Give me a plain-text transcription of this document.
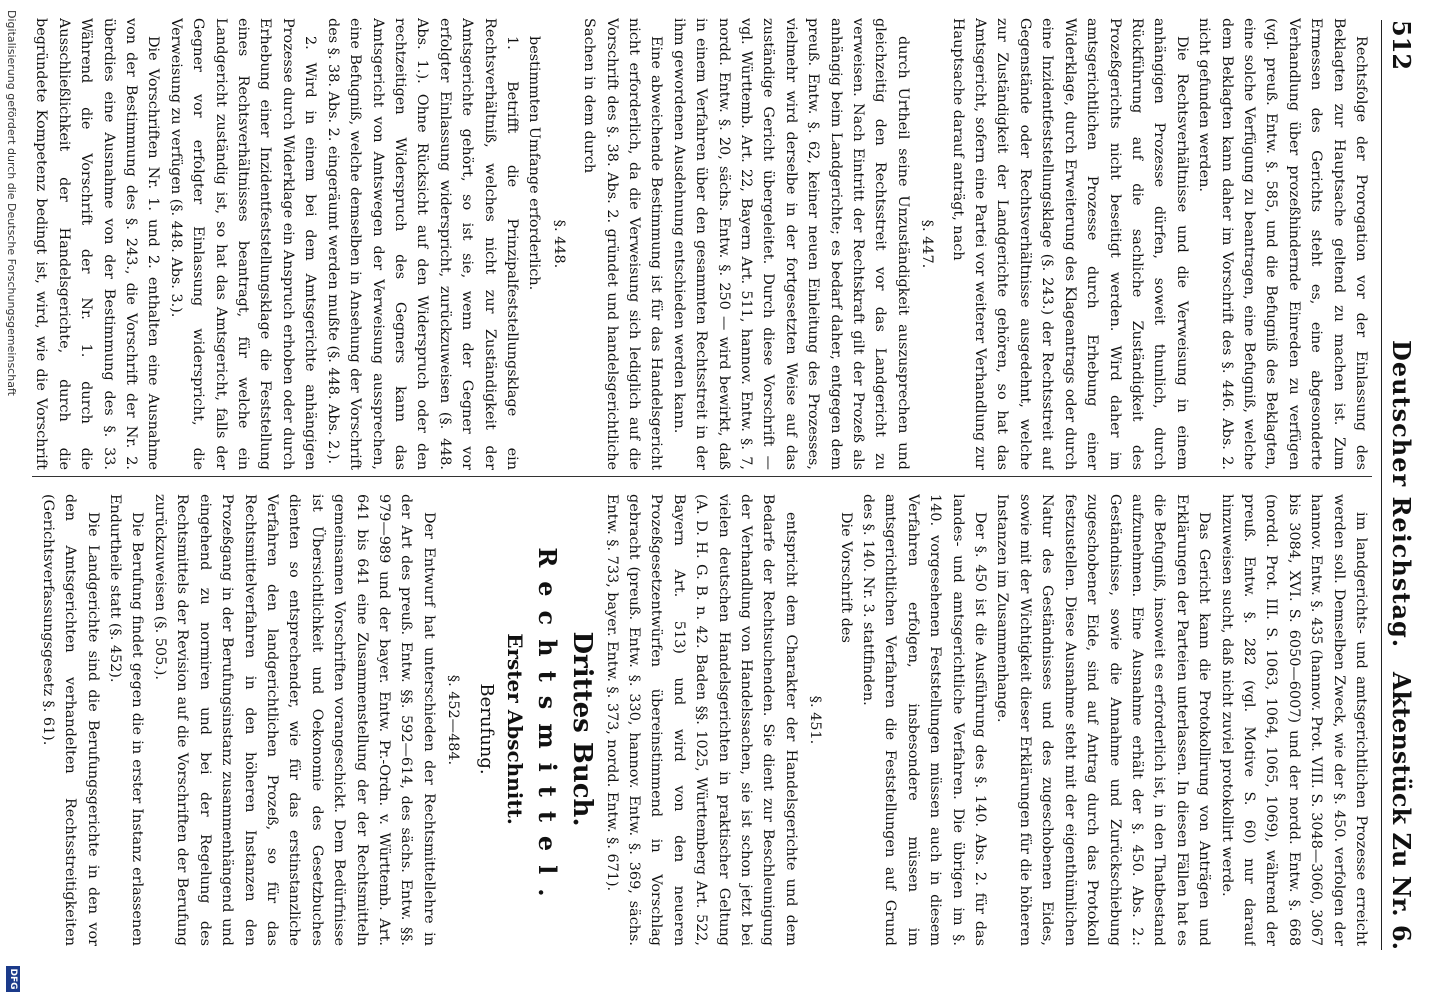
512
Deutscher Reichstag.
Aktenstück Zu Nr. 6.

Rechtsfolge der Prorogation vor der Einlassung des Beklagten zur Hauptsache geltend zu machen ist. Zum Ermessen des Gerichts steht es, eine abgesonderte Verhandlung über prozeßhindernde Einreden zu verfügen (vgl. preuß. Entw. §. 585, und die Befugniß des Beklagten, eine solche Verfügung zu beantragen, eine Befugniß, welche dem Beklagten kann daher im Vorschrift des §. 446. Abs. 2. nicht gefunden werden.

Die Rechtsverhältnisse und die Verweisung in einem anhängigen Prozesse dürfen, soweit thunlich, durch Rückführung auf die sachliche Zuständigkeit des Prozeßgerichts nicht beseitigt werden. Wird daher im amtsgerichtlichen Prozesse durch Erhebung einer Widerklage, durch Erweiterung des Klageantrags oder durch eine Inzidentfeststellungsklage (§. 243.) der Rechtsstreit auf Gegenstände oder Rechtsverhältnisse ausgedehnt, welche zur Zuständigkeit der Landgerichte gehören, so hat das Amtsgericht, sofern eine Partei vor weiterer Verhandlung zur Hauptsache darauf anträgt, nach

§. 447.

durch Urtheil seine Unzuständigkeit auszusprechen und gleichzeitig den Rechtsstreit vor das Landgericht zu verweisen. Nach Eintritt der Rechtskraft gilt der Prozeß als anhängig beim Landgerichte; es bedarf daher, entgegen dem preuß. Entw. §. 62, keiner neuen Einleitung des Prozesses, vielmehr wird derselbe in der fortgesetzten Weise auf das zuständige Gericht übergeleitet. Durch diese Vorschrift — vgl. Württemb. Art. 22, Bayern Art. 511, hannov. Entw. §. 7, nordd. Entw. §. 20, sächs. Entw. §. 250 — wird bewirkt, daß in einem Verfahren über den gesammten Rechtsstreit in der ihm gewordenen Ausdehnung entschieden werden kann.

Eine abweichende Bestimmung ist für das Handelsgericht nicht erforderlich, da die Verweisung sich lediglich auf die Vorschrift des §. 38. Abs. 2. gründet und handelsgerichtliche Sachen in dem durch

§. 448.

bestimmten Umfange erforderlich.

1. Betrifft die Prinzipalfeststellungsklage ein Rechtsverhältniß, welches nicht zur Zuständigkeit der Amtsgerichte gehört, so ist sie, wenn der Gegner vor erfolgter Einlassung widerspricht, zurückzuweisen (§. 448. Abs. 1.). Ohne Rücksicht auf den Widerspruch oder den rechtzeitigen Widerspruch des Gegners kann das Amtsgericht von Amtswegen der Verweisung aussprechen, eine Befugniß, welche demselben in Ansehung der Vorschrift des §. 38. Abs. 2. eingeräumt werden mußte (§. 448. Abs. 2.).

2. Wird in einem bei dem Amtsgerichte anhängigen Prozesse durch Widerklage ein Anspruch erhoben oder durch Erhebung einer Inzidentfeststellungsklage die Feststellung eines Rechtsverhältnisses beantragt, für welche ein Landgericht zuständig ist, so hat das Amtsgericht, falls der Gegner vor erfolgter Einlassung widerspricht, die Verweisung zu verfügen (§. 448. Abs. 3.).

Die Vorschriften Nr. 1. und 2. enthalten eine Ausnahme von der Bestimmung des §. 243., die Vorschrift der Nr. 2. überdies eine Ausnahme von der Bestimmung des §. 33. Während die Vorschrift der Nr. 1. durch die Ausschließlichkeit der Handelsgerichte, durch die begründete Kompetenz bedingt ist, wird, wie die Vorschrift

im landgerichts- und amtsgerichtlichen Prozesse erreicht werden soll. Demselben Zweck, wie der §. 450. verfolgen der hannov. Entw. §. 435 (hannov. Prot. VIII. S. 3048—3060, 3067 bis 3084, XVI. S. 6050—6007) und der nordd. Entw. §. 668 (nordd. Prot. III. S. 1063, 1064, 1065, 1069), während der preuß. Entw. §. 282 (vgl. Motive S. 60) nur darauf hinzuweisen sucht, daß nicht zuviel protokollirt werde.

Das Gericht kann die Protokollirung von Anträgen und Erklärungen der Parteien unterlassen. In diesen Fällen hat es die Befugniß, insoweit es erforderlich ist, in den Thatbestand aufzunehmen. Eine Ausnahme erhält der §. 450. Abs. 2.: Geständnisse, sowie die Annahme und Zurückschiebung zugeschobener Eide, sind auf Antrag durch das Protokoll festzustellen. Diese Ausnahme steht mit der eigenthümlichen Natur des Geständnisses und des zugeschobenen Eides, sowie mit der Wichtigkeit dieser Erklärungen für die höheren Instanzen im Zusammenhange.

Der §. 450 ist die Ausführung des §. 140. Abs. 2. für das landes- und amtsgerichtliche Verfahren. Die übrigen im §. 140. vorgesehenen Feststellungen müssen auch in diesem Verfahren erfolgen, insbesondere müssen im amtsgerichtlichen Verfahren die Feststellungen auf Grund des §. 140. Nr. 3. stattfinden.

Die Vorschrift des

§. 451.

entspricht dem Charakter der Handelsgerichte und dem Bedarfe der Rechtsuchenden. Sie dient zur Beschleunigung der Verhandlung von Handelssachen, sie ist schon jetzt bei vielen deutschen Handelsgerichten in praktischer Geltung (A. D. H. G. B. n. 42. Baden §§. 1025, Württemberg Art. 522, Bayern Art. 513) und wird von den neueren Prozeßgesetzentwürfen übereinstimmend in Vorschlag gebracht (preuß. Entw. §. 330, hannov. Entw. §. 369, sächs. Entw. §. 733, bayer. Entw. §. 373, nordd. Entw. §. 671).

Drittes Buch.

Rechtsmittel.

Erster Abschnitt.

Berufung.

§. 452—484.

Der Entwurf hat unterschieden der Rechtsmittellehre in der Art des preuß. Entw. §§. 592—614, des sächs. Entw. §§. 979—989 und der bayer. Entw. Pr.-Ordn. v. Württemb. Art. 641 bis 641 eine Zusammenstellung der der Rechtsmitteln gemeinsamen Vorschriften vorangeschickt. Dem Bedürfnisse ist Übersichtlichkeit und Oekonomie des Gesetzbuches dienten so entsprechender, wie für das erstinstanzliche Verfahren den landgerichtlichen Prozeß, so für das Rechtsmittelverfahren in den höheren Instanzen den Prozeßgang in der Berufungsinstanz zusammenhängend und eingehend zu normiren und bei der Regelung des Rechtsmittels der Revision auf die Vorschriften der Berufung zurückzuweisen (§. 505.).

Die Berufung findet gegen die in erster Instanz erlassenen Endurtheile statt (§. 452).

Die Landgerichte sind die Berufungsgerichte in den vor den Amtsgerichten verhandelten Rechtsstreitigkeiten (Gerichtsverfassungsgesetz §. 61).

Digitalisierung gefördert durch die Deutsche Forschungsgemeinschaft
DFG
